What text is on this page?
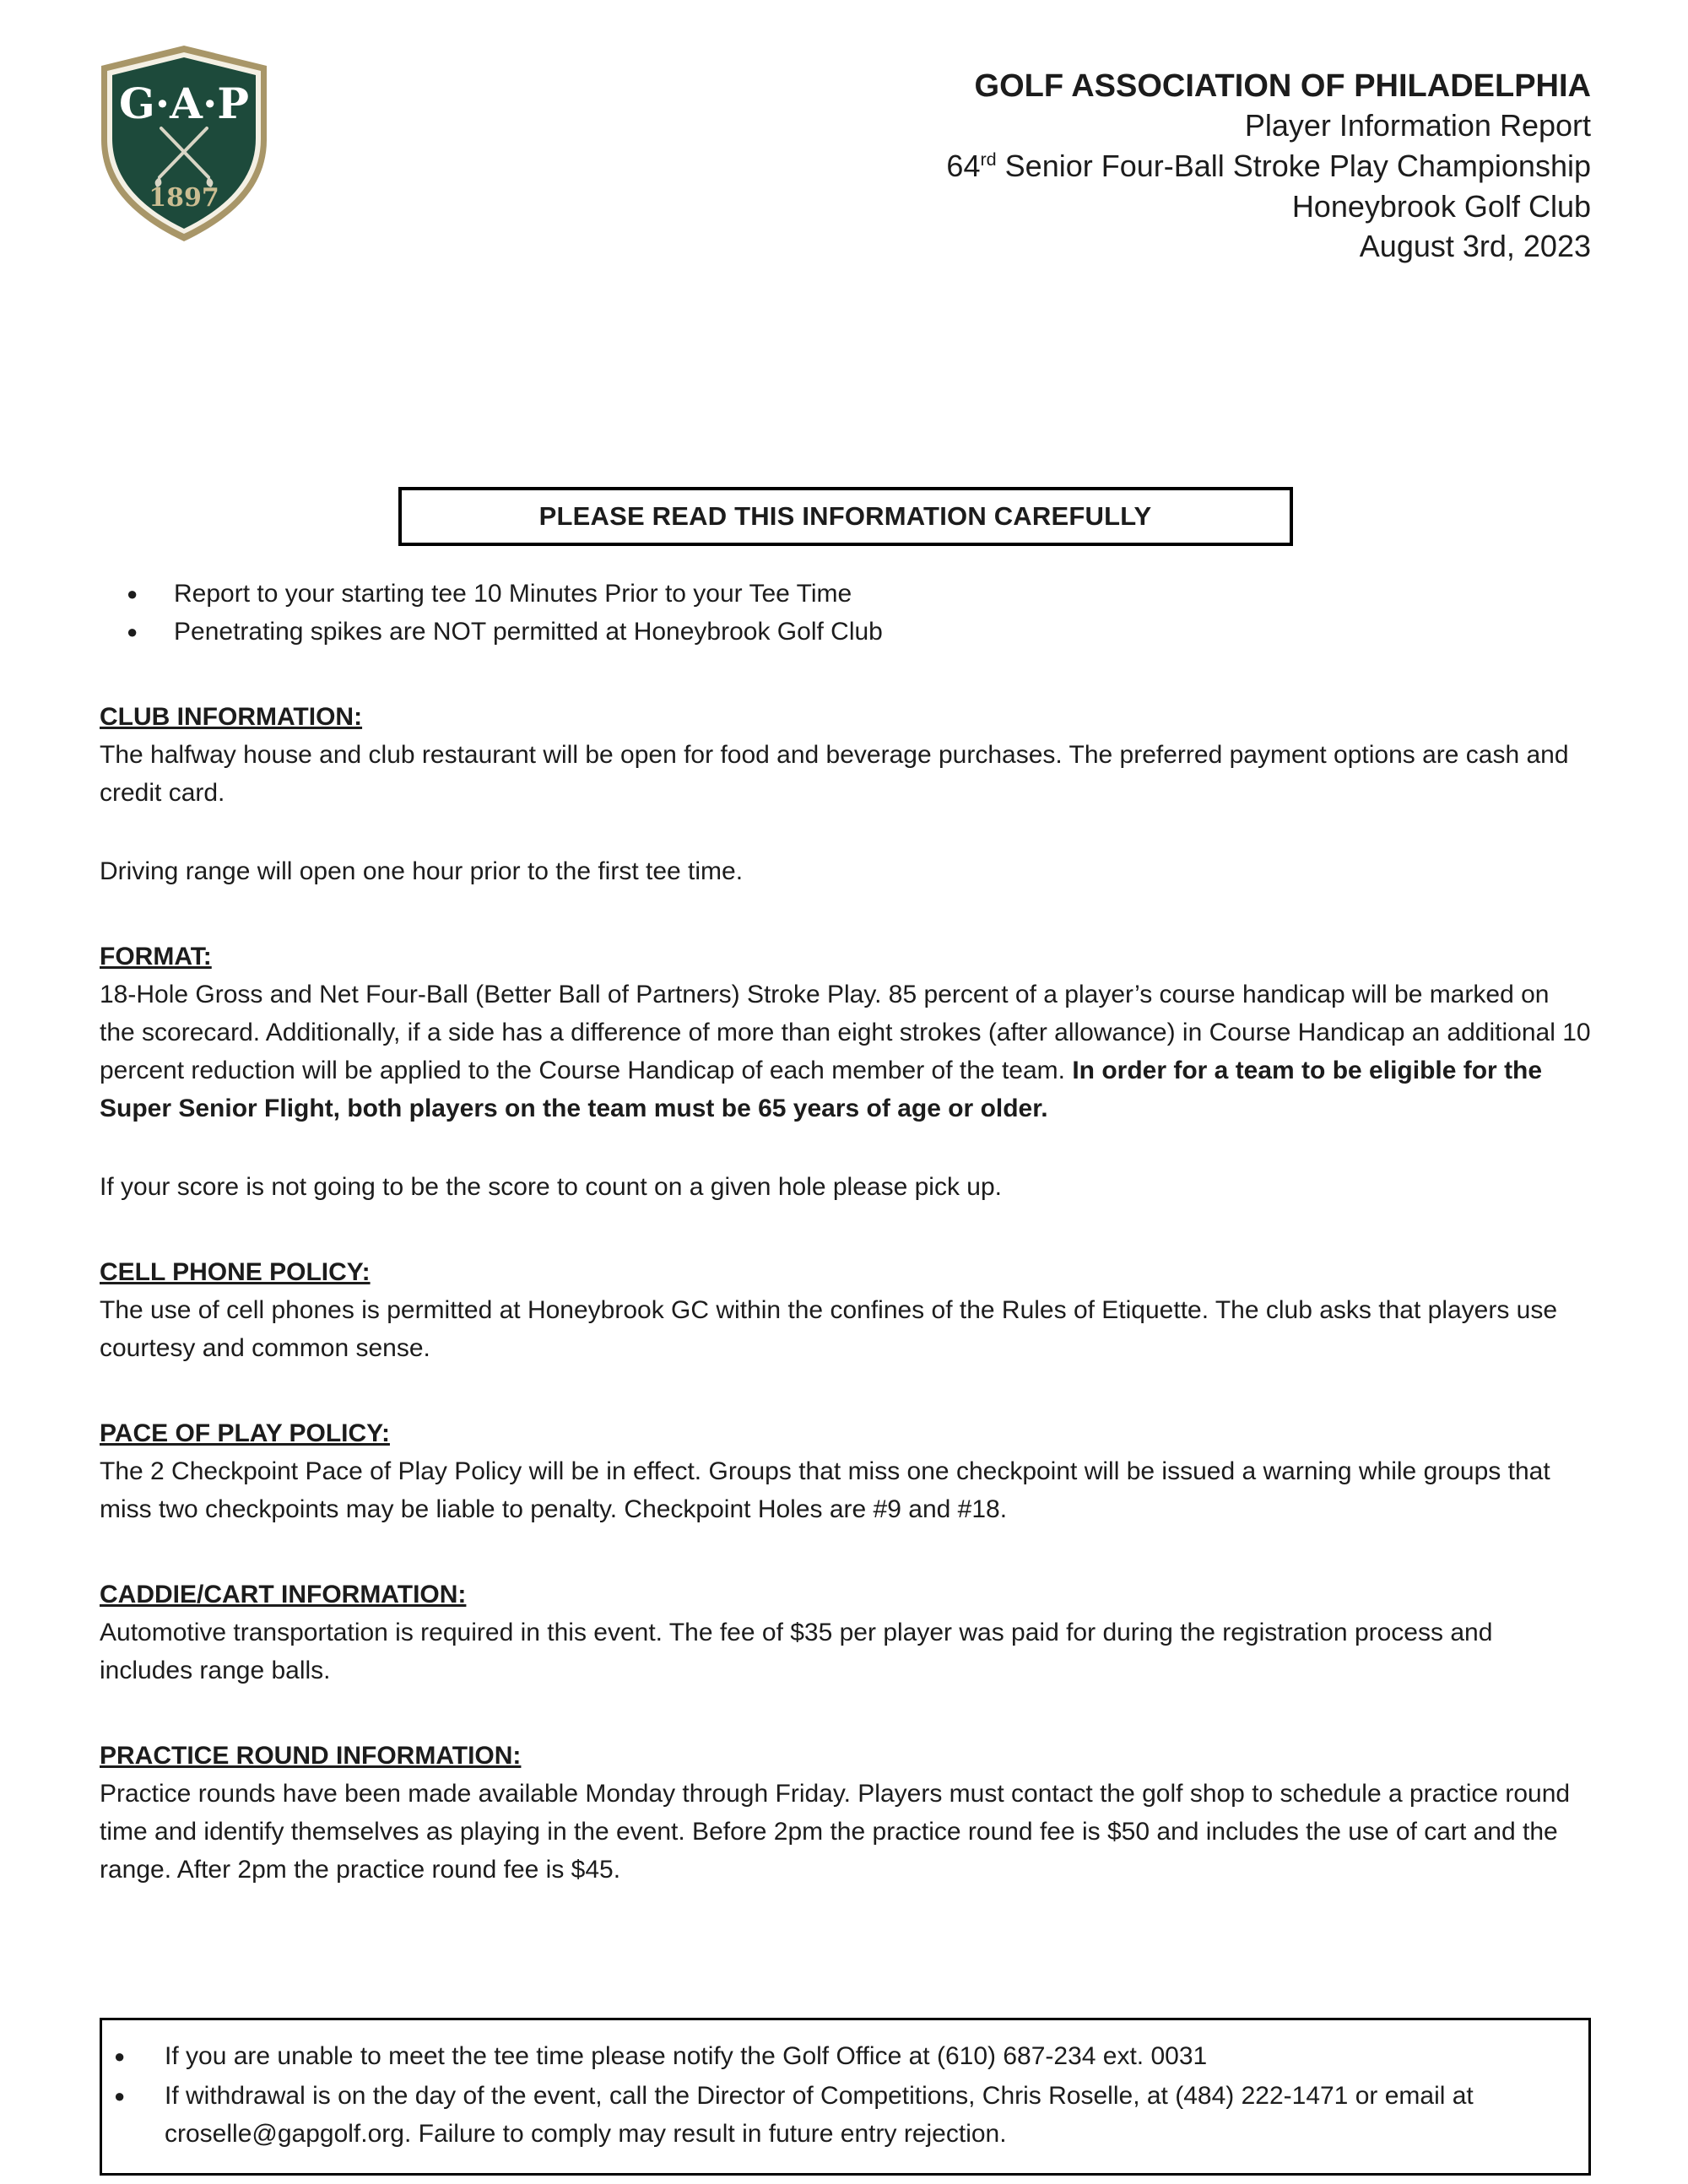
G·A·P
1897
GOLF ASSOCIATION OF PHILADELPHIA
Player Information Report
64rd Senior Four-Ball Stroke Play Championship
Honeybrook Golf Club
August 3rd, 2023
PLEASE READ THIS INFORMATION CAREFULLY
●	Report to your starting tee 10 Minutes Prior to your Tee Time
●	Penetrating spikes are NOT permitted at Honeybrook Golf Club
CLUB INFORMATION:

The halfway house and club restaurant will be open for food and beverage purchases. The preferred payment options are cash and credit card.

Driving range will open one hour prior to the first tee time.

FORMAT:

18-Hole Gross and Net Four-Ball (Better Ball of Partners) Stroke Play. 85 percent of a player’s course handicap will be marked on the scorecard. Additionally, if a side has a difference of more than eight strokes (after allowance) in Course Handicap an additional 10 percent reduction will be applied to the Course Handicap of each member of the team. In order for a team to be eligible for the Super Senior Flight, both players on the team must be 65 years of age or older.

If your score is not going to be the score to count on a given hole please pick up.

CELL PHONE POLICY:

The use of cell phones is permitted at Honeybrook GC within the confines of the Rules of Etiquette. The club asks that players use courtesy and common sense.

PACE OF PLAY POLICY:

The 2 Checkpoint Pace of Play Policy will be in effect. Groups that miss one checkpoint will be issued a warning while groups that miss two checkpoints may be liable to penalty. Checkpoint Holes are #9 and #18.

CADDIE/CART INFORMATION:

Automotive transportation is required in this event. The fee of $35 per player was paid for during the registration process and includes range balls.

PRACTICE ROUND INFORMATION:

Practice rounds have been made available Monday through Friday. Players must contact the golf shop to schedule a practice round time and identify themselves as playing in the event. Before 2pm the practice round fee is $50 and includes the use of cart and the range. After 2pm the practice round fee is $45.

●	If you are unable to meet the tee time please notify the Golf Office at (610) 687-234 ext. 0031
●	If withdrawal is on the day of the event, call the Director of Competitions, Chris Roselle, at (484) 222-1471 or email at croselle@gapgolf.org. Failure to comply may result in future entry rejection.
